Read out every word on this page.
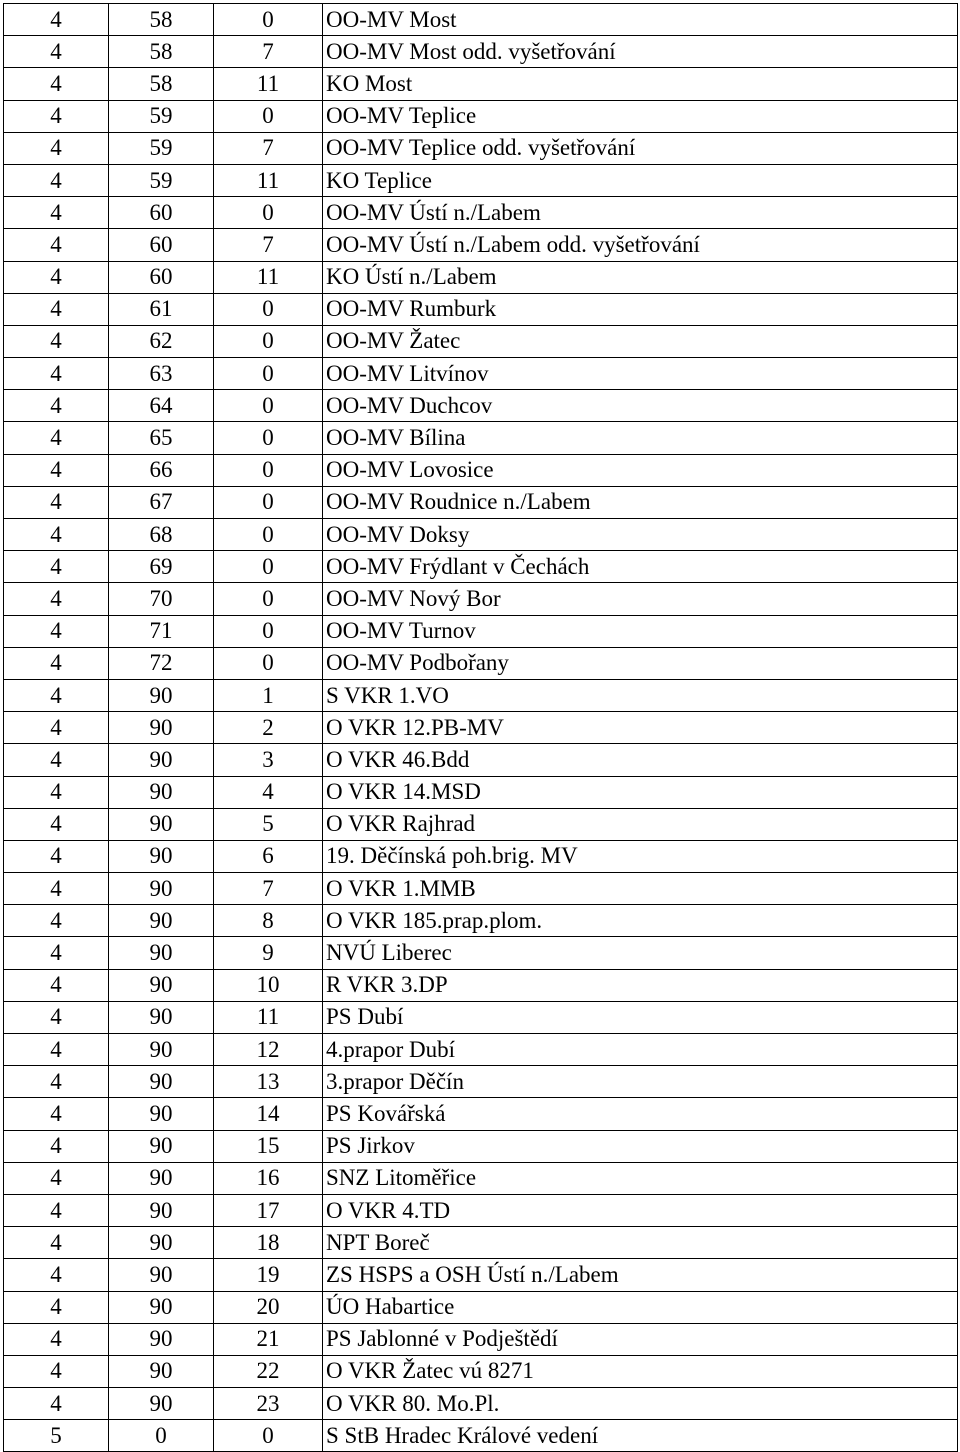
4	58	0	OO-MV Most
4	58	7	OO-MV Most odd. vyšetřování
4	58	11	KO Most
4	59	0	OO-MV Teplice
4	59	7	OO-MV Teplice odd. vyšetřování
4	59	11	KO Teplice
4	60	0	OO-MV Ústí n./Labem
4	60	7	OO-MV Ústí n./Labem odd. vyšetřování
4	60	11	KO Ústí n./Labem
4	61	0	OO-MV Rumburk
4	62	0	OO-MV Žatec
4	63	0	OO-MV Litvínov
4	64	0	OO-MV Duchcov
4	65	0	OO-MV Bílina
4	66	0	OO-MV Lovosice
4	67	0	OO-MV Roudnice n./Labem
4	68	0	OO-MV Doksy
4	69	0	OO-MV Frýdlant v Čechách
4	70	0	OO-MV Nový Bor
4	71	0	OO-MV Turnov
4	72	0	OO-MV Podbořany
4	90	1	S VKR 1.VO
4	90	2	O VKR 12.PB-MV
4	90	3	O VKR 46.Bdd
4	90	4	O VKR 14.MSD
4	90	5	O VKR Rajhrad
4	90	6	19. Děčínská poh.brig. MV
4	90	7	O VKR 1.MMB
4	90	8	O VKR 185.prap.plom.
4	90	9	NVÚ Liberec
4	90	10	R VKR 3.DP
4	90	11	PS Dubí
4	90	12	4.prapor Dubí
4	90	13	3.prapor Děčín
4	90	14	PS Kovářská
4	90	15	PS Jirkov
4	90	16	SNZ Litoměřice
4	90	17	O VKR 4.TD
4	90	18	NPT Boreč
4	90	19	ZS HSPS a OSH Ústí n./Labem
4	90	20	ÚO Habartice
4	90	21	PS Jablonné v Podještědí
4	90	22	O VKR Žatec vú 8271
4	90	23	O VKR 80. Mo.Pl.
5	0	0	S StB Hradec Králové vedení
